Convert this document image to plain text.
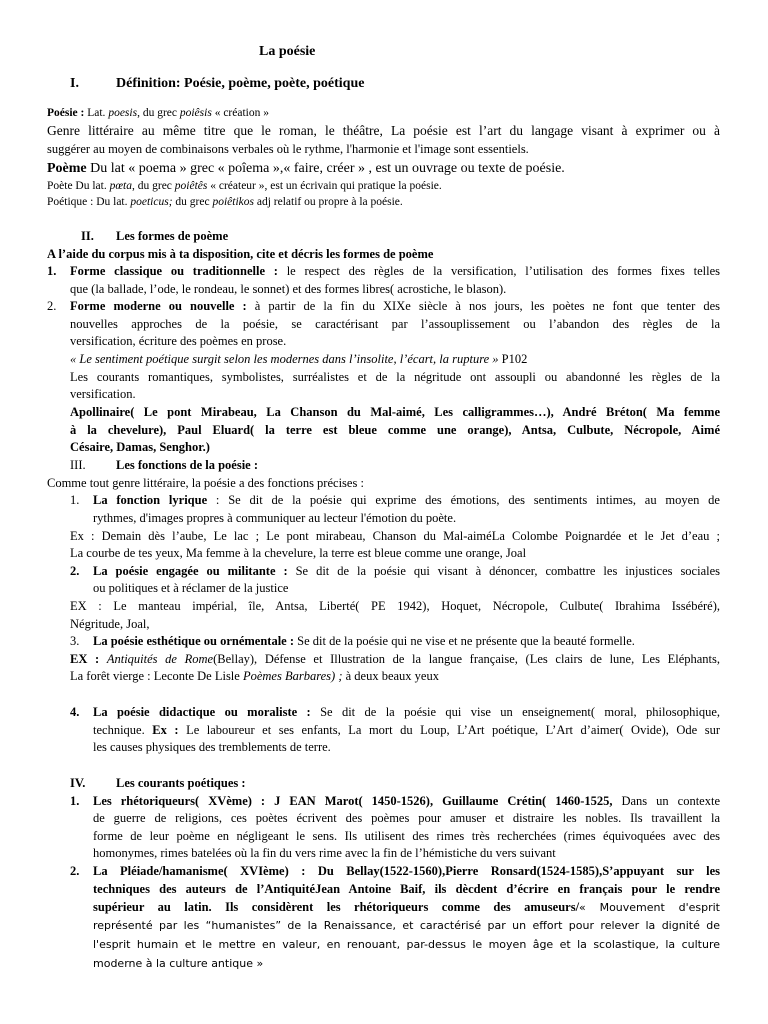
La poésie
I.	Définition: Poésie, poème, poète, poétique
Poésie : Lat. poesis, du grec poiêsis « création »
Genre littéraire au même titre que le roman, le théâtre, La poésie est l’art du langage visant à exprimer ou à
suggérer au moyen de combinaisons verbales où le rythme, l'harmonie et l'image sont essentiels.
Poème Du lat « poema » grec « poîema »,« faire, créer » , est un ouvrage ou texte de poésie.
Poète Du lat. pœta, du grec poiêtês « créateur », est un écrivain qui pratique la poésie.
Poétique : Du lat. poeticus; du grec poiêtikos adj relatif ou propre à la poésie.
II. Les formes de poème
A l’aide du corpus mis à ta disposition, cite et décris les formes de poème
1. Forme classique ou traditionnelle : le respect des règles de la versification, l’utilisation des formes fixes telles
que (la ballade, l’ode, le rondeau, le sonnet) et des formes libres( acrostiche, le blason).
2. Forme moderne ou nouvelle : à partir de la fin du XIXe siècle à nos jours, les poètes ne font que tenter des
nouvelles approches de la poésie, se caractérisant par l’assouplissement ou l’abandon des règles de la
versification, écriture des poèmes en prose.
« Le sentiment poétique surgit selon les modernes dans l’insolite, l’écart, la rupture » P102
Les courants romantiques, symbolistes, surréalistes et de la négritude ont assoupli ou abandonné les règles de la
versification.
Apollinaire( Le pont Mirabeau, La Chanson du Mal-aimé, Les calligrammes…), André Bréton( Ma femme
à la chevelure), Paul Eluard( la terre est bleue comme une orange), Antsa, Culbute, Nécropole, Aimé
Césaire, Damas, Senghor.)
III. Les fonctions de la poésie :
Comme tout genre littéraire, la poésie a des fonctions précises :
1. La fonction lyrique : Se dit de la poésie qui exprime des émotions, des sentiments intimes, au moyen de
rythmes, d'images propres à communiquer au lecteur l'émotion du poète.
Ex : Demain dès l’aube, Le lac ; Le pont mirabeau, Chanson du Mal-aiméLa Colombe Poignardée et le Jet d’eau ;
La courbe de tes yeux, Ma femme à la chevelure, la terre est bleue comme une orange, Joal
2. La poésie engagée ou militante : Se dit de la poésie qui visant à dénoncer, combattre les injustices sociales
ou politiques et à réclamer de la justice
EX : Le manteau impérial, île, Antsa, Liberté( PE 1942), Hoquet, Nécropole, Culbute( Ibrahima Issébéré),
Négritude, Joal,
3. La poésie esthétique ou ornémentale : Se dit de la poésie qui ne vise et ne présente que la beauté formelle.
EX : Antiquités de Rome(Bellay), Défense et Illustration de la langue française, (Les clairs de lune, Les Eléphants,
La forêt vierge : Leconte De Lisle Poèmes Barbares) ; à deux beaux yeux
4. La poésie didactique ou moraliste : Se dit de la poésie qui vise un enseignement( moral, philosophique,
technique. Ex : Le laboureur et ses enfants, La mort du Loup, L’Art poétique, L’Art d’aimer( Ovide), Ode sur
les causes physiques des tremblements de terre.
IV. Les courants poétiques :
1. Les rhétoriqueurs( XVème) : J EAN Marot( 1450-1526), Guillaume Crétin( 1460-1525, Dans un contexte
de guerre de religions, ces poètes écrivent des poèmes pour amuser et distraire les nobles. Ils travaillent la
forme de leur poème en négligeant le sens. Ils utilisent des rimes très recherchées (rimes équivoquées avec des
homonymes, rimes batelées où la fin du vers rime avec la fin de l’hémistiche du vers suivant
2. La Pléiade/hamanisme( XVIème) : Du Bellay(1522-1560),Pierre Ronsard(1524-1585),S’appuyant sur les
techniques des auteurs de l’AntiquitéJean Antoine Baif, ils dècdent d’écrire en français pour le rendre
supérieur au latin. Ils considèrent les rhétoriqueurs comme des amuseurs/« Mouvement d'esprit
représenté par les “humanistes” de la Renaissance, et caractérisé par un effort pour relever la dignité de
l'esprit humain et le mettre en valeur, en renouant, par-dessus le moyen âge et la scolastique, la culture
moderne à la culture antique »
